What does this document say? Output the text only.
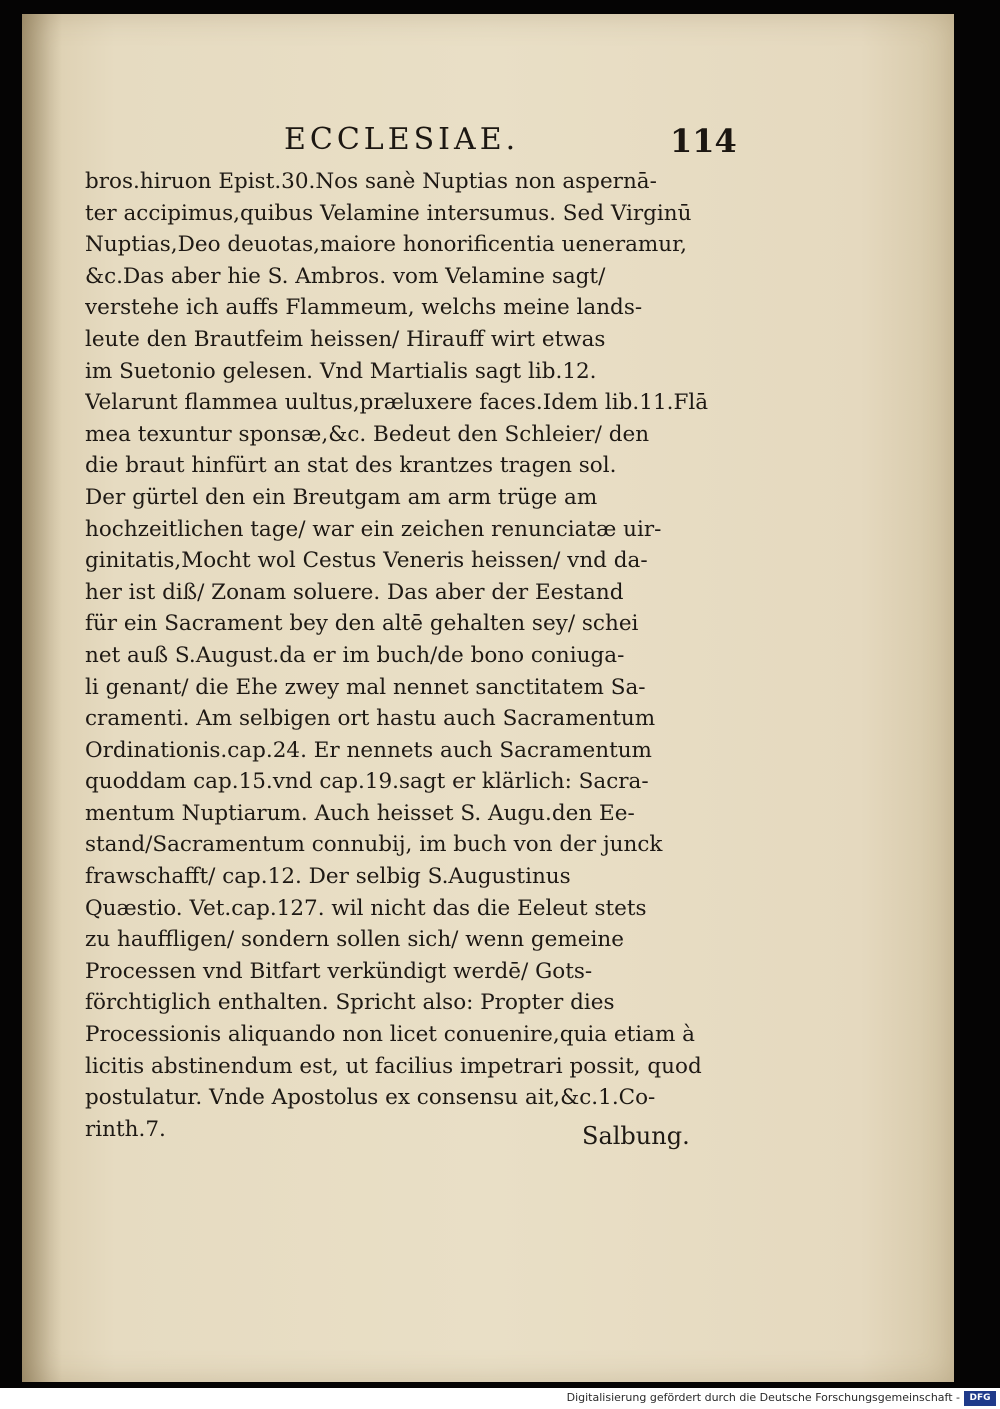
ECCLESIAE.	114
bros.hiruon Epist.30.Nos sanè Nuptias non aspernā-
ter accipimus,quibus Velamine intersumus. Sed Virginū
Nuptias,Deo deuotas,maiore honorificentia ueneramur,
&c.Das aber hie S. Ambros. vom Velamine sagt/
verstehe ich auffs Flammeum, welchs meine lands-
leute den Brautfeim heissen/ Hirauff wirt etwas
im Suetonio gelesen. Vnd Martialis sagt lib.12.
Velarunt flammea uultus,præluxere faces.Idem lib.11.Flā
mea texuntur sponsæ,&c. Bedeut den Schleier/ den
die braut hinfürt an stat des krantzes tragen sol.
Der gürtel den ein Breutgam am arm trüge am
hochzeitlichen tage/ war ein zeichen renunciatæ uir-
ginitatis,Mocht wol Cestus Veneris heissen/ vnd da-
her ist diß/ Zonam soluere. Das aber der Eestand
für ein Sacrament bey den altē gehalten sey/ schei
net auß S.August.da er im buch/de bono coniuga-
li genant/ die Ehe zwey mal nennet sanctitatem Sa-
cramenti. Am selbigen ort hastu auch Sacramentum
Ordinationis.cap.24. Er nennets auch Sacramentum
quoddam cap.15.vnd cap.19.sagt er klärlich: Sacra-
mentum Nuptiarum. Auch heisset S. Augu.den Ee-
stand/Sacramentum connubij, im buch von der junck
frawschafft/ cap.12. Der selbig S.Augustinus
Quæstio. Vet.cap.127. wil nicht das die Eeleut stets
zu hauffligen/ sondern sollen sich/ wenn gemeine
Processen vnd Bitfart verkündigt werdē/ Gots-
förchtiglich enthalten. Spricht also: Propter dies
Processionis aliquando non licet conuenire,quia etiam à
licitis abstinendum est, ut facilius impetrari possit, quod
postulatur. Vnde Apostolus ex consensu ait,&c.1.Co-
rinth.7.	Salbung.
Digitalisierung gefördert durch die Deutsche Forschungsgemeinschaft -	DFG
